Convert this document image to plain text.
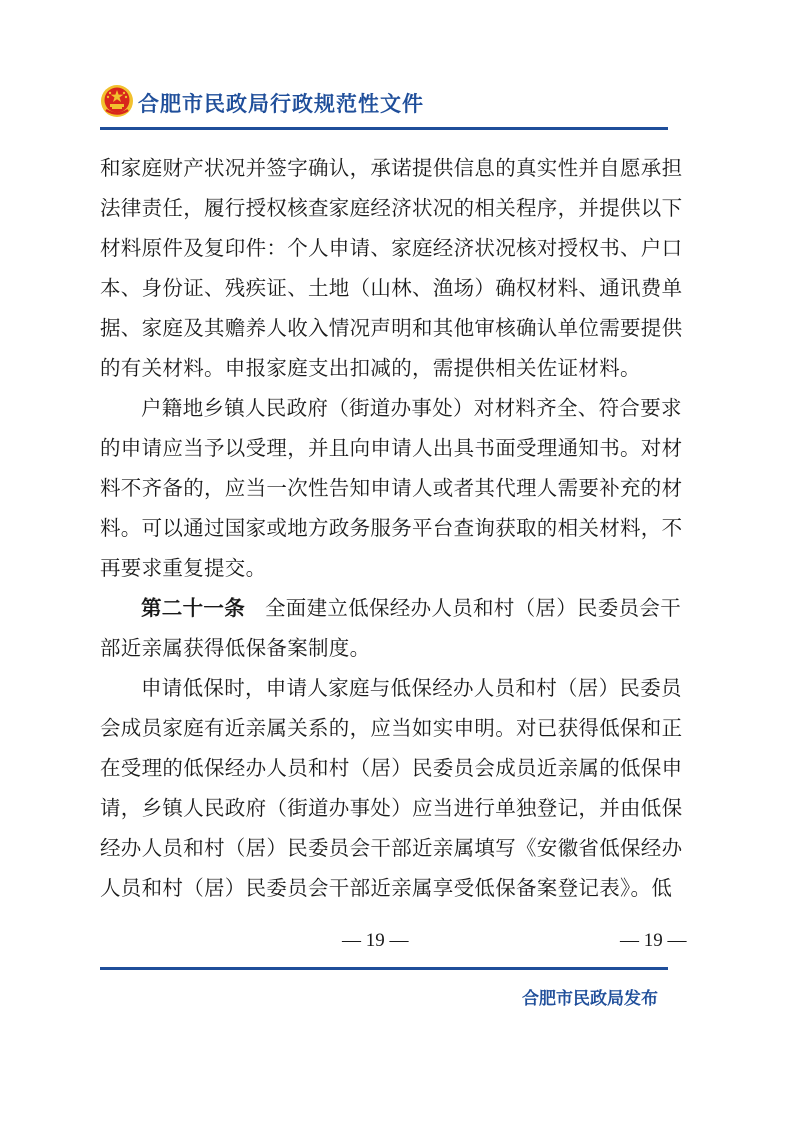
合肥市民政局行政规范性文件
和家庭财产状况并签字确认，承诺提供信息的真实性并自愿承担
法律责任，履行授权核查家庭经济状况的相关程序，并提供以下
材料原件及复印件：个人申请、家庭经济状况核对授权书、户口
本、身份证、残疾证、土地（山林、渔场）确权材料、通讯费单
据、家庭及其赡养人收入情况声明和其他审核确认单位需要提供
的有关材料。申报家庭支出扣减的，需提供相关佐证材料。
户籍地乡镇人民政府（街道办事处）对材料齐全、符合要求
的申请应当予以受理，并且向申请人出具书面受理通知书。对材
料不齐备的，应当一次性告知申请人或者其代理人需要补充的材
料。可以通过国家或地方政务服务平台查询获取的相关材料，不
再要求重复提交。
第二十一条 全面建立低保经办人员和村（居）民委员会干
部近亲属获得低保备案制度。
申请低保时，申请人家庭与低保经办人员和村（居）民委员
会成员家庭有近亲属关系的，应当如实申明。对已获得低保和正
在受理的低保经办人员和村（居）民委员会成员近亲属的低保申
请，乡镇人民政府（街道办事处）应当进行单独登记，并由低保
经办人员和村（居）民委员会干部近亲属填写《安徽省低保经办
人员和村（居）民委员会干部近亲属享受低保备案登记表》。低
— 19 —	— 19 —
合肥市民政局发布
